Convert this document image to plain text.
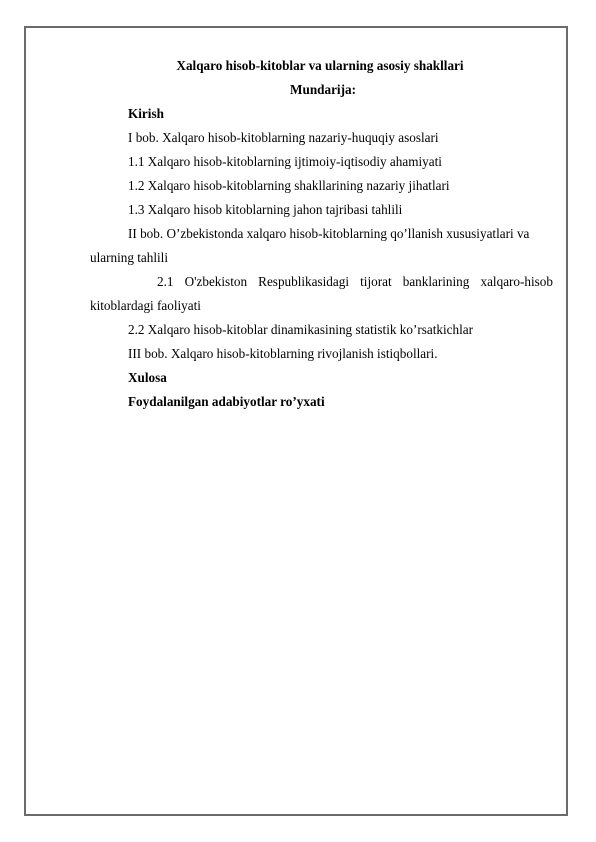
Xalqaro hisob-kitoblar va ularning asosiy shakllari
Mundarija:
Kirish
I bob. Xalqaro hisob-kitoblarning nazariy-huquqiy asoslari
1.1 Xalqaro hisob-kitoblarning ijtimoiy-iqtisodiy ahamiyati
1.2 Xalqaro hisob-kitoblarning shakllarining nazariy jihatlari
1.3 Xalqaro hisob kitoblarning jahon tajribasi tahlili
II bob. O’zbekistonda xalqaro hisob-kitoblarning qo’llanish xususiyatlari va
ularning tahlili
2.1 O'zbekiston Respublikasidagi tijorat banklarining xalqaro-hisob
kitoblardagi faoliyati
2.2 Xalqaro hisob-kitoblar dinamikasining statistik ko’rsatkichlar
III bob. Xalqaro hisob-kitoblarning rivojlanish istiqbollari.
Xulosa
Foydalanilgan adabiyotlar ro’yxati
